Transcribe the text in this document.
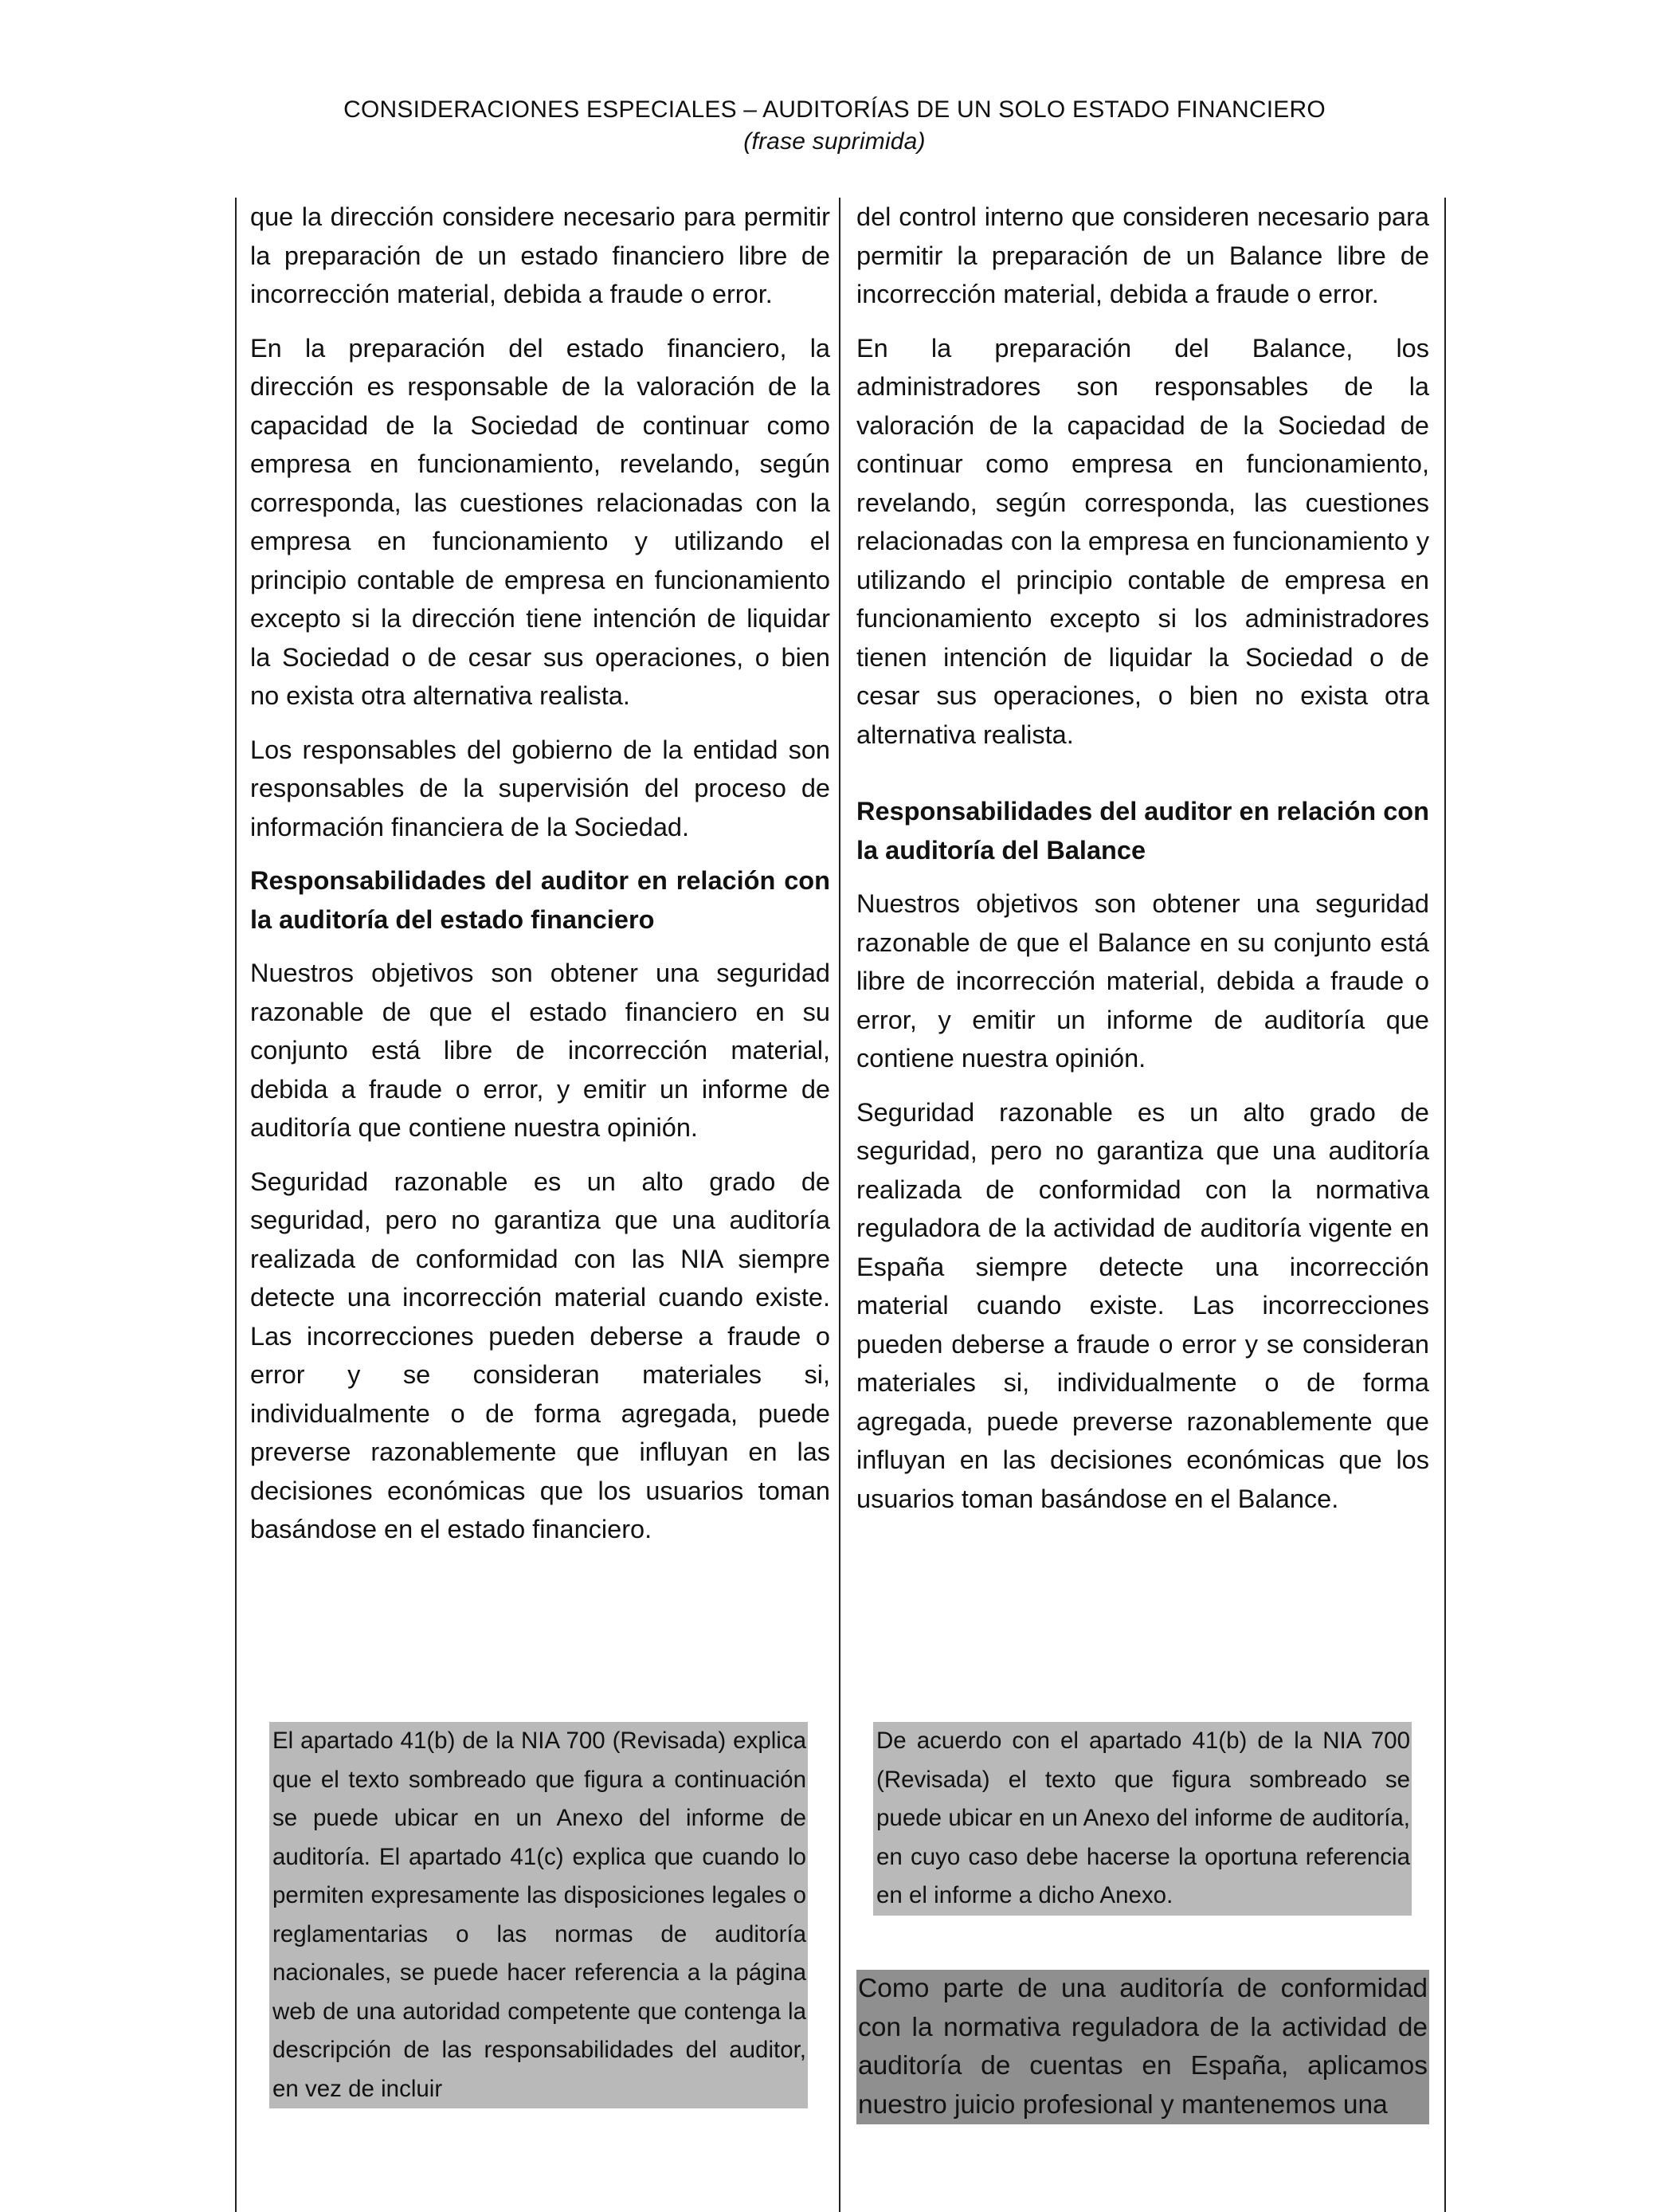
CONSIDERACIONES ESPECIALES – AUDITORÍAS DE UN SOLO ESTADO FINANCIERO
(frase suprimida)

que la dirección considere necesario para permitir la preparación de un estado financiero libre de incorrección material, debida a fraude o error.

En la preparación del estado financiero, la dirección es responsable de la valoración de la capacidad de la Sociedad de continuar como empresa en funcionamiento, revelando, según corresponda, las cuestiones relacionadas con la empresa en funcionamiento y utilizando el principio contable de empresa en funcionamiento excepto si la dirección tiene intención de liquidar la Sociedad o de cesar sus operaciones, o bien no exista otra alternativa realista.

Los responsables del gobierno de la entidad son responsables de la supervisión del proceso de información financiera de la Sociedad.

Responsabilidades del auditor en relación con la auditoría del estado financiero

Nuestros objetivos son obtener una seguridad razonable de que el estado financiero en su conjunto está libre de incorrección material, debida a fraude o error, y emitir un informe de auditoría que contiene nuestra opinión.

Seguridad razonable es un alto grado de seguridad, pero no garantiza que una auditoría realizada de conformidad con las NIA siempre detecte una incorrección material cuando existe. Las incorrecciones pueden deberse a fraude o error y se consideran materiales si, individualmente o de forma agregada, puede preverse razonablemente que influyan en las decisiones económicas que los usuarios toman basándose en el estado financiero.

del control interno que consideren necesario para permitir la preparación de un Balance libre de incorrección material, debida a fraude o error.

En la preparación del Balance, los administradores son responsables de la valoración de la capacidad de la Sociedad de continuar como empresa en funcionamiento, revelando, según corresponda, las cuestiones relacionadas con la empresa en funcionamiento y utilizando el principio contable de empresa en funcionamiento excepto si los administradores tienen intención de liquidar la Sociedad o de cesar sus operaciones, o bien no exista otra alternativa realista.

Responsabilidades del auditor en relación con la auditoría del Balance

Nuestros objetivos son obtener una seguridad razonable de que el Balance en su conjunto está libre de incorrección material, debida a fraude o error, y emitir un informe de auditoría que contiene nuestra opinión.

Seguridad razonable es un alto grado de seguridad, pero no garantiza que una auditoría realizada de conformidad con la normativa reguladora de la actividad de auditoría vigente en España siempre detecte una incorrección material cuando existe. Las incorrecciones pueden deberse a fraude o error y se consideran materiales si, individualmente o de forma agregada, puede preverse razonablemente que influyan en las decisiones económicas que los usuarios toman basándose en el Balance.

El apartado 41(b) de la NIA 700 (Revisada) explica que el texto sombreado que figura a continuación se puede ubicar en un Anexo del informe de auditoría. El apartado 41(c) explica que cuando lo permiten expresamente las disposiciones legales o reglamentarias o las normas de auditoría nacionales, se puede hacer referencia a la página web de una autoridad competente que contenga la descripción de las responsabilidades del auditor, en vez de incluir
De acuerdo con el apartado 41(b) de la NIA 700 (Revisada) el texto que figura sombreado se puede ubicar en un Anexo del informe de auditoría, en cuyo caso debe hacerse la oportuna referencia en el informe a dicho Anexo.
Como parte de una auditoría de conformidad con la normativa reguladora de la actividad de auditoría de cuentas en España, aplicamos nuestro juicio profesional y mantenemos una
